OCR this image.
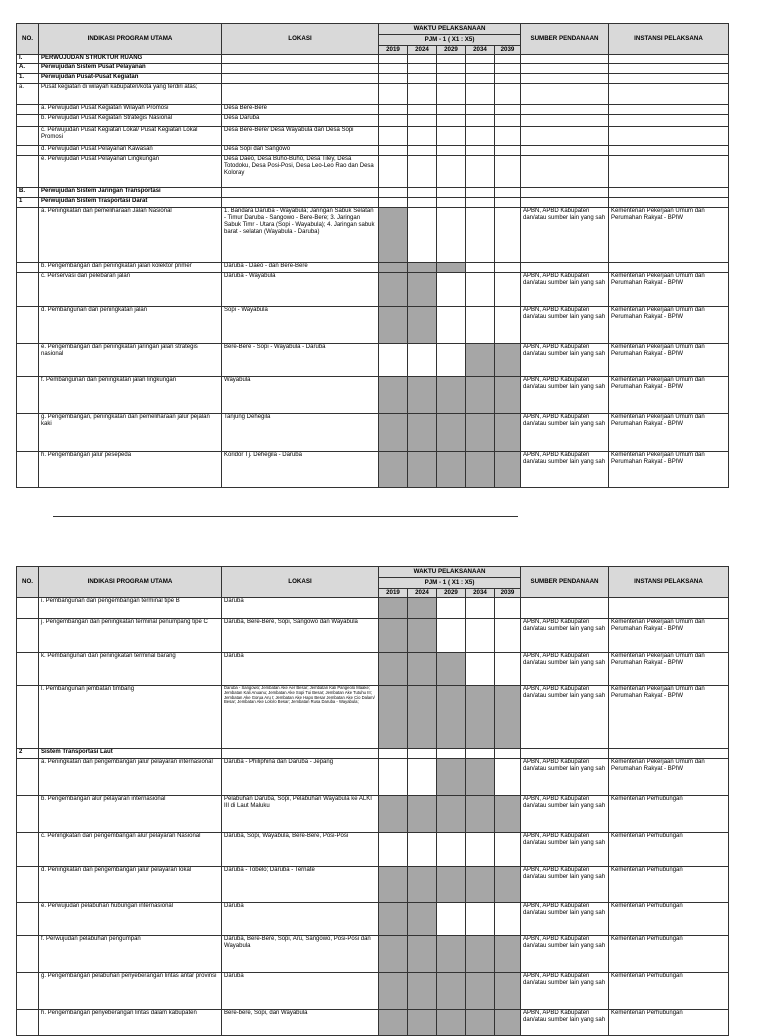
NO.	INDIKASI PROGRAM UTAMA	LOKASI	WAKTU PELAKSANAAN					SUMBER PENDANAAN	INSTANSI PELAKSANA
			PJM - 1 ( X1 : X5)						
			2019	2024	2029	2034	2039		
I.	PERWUJUDAN STRUKTUR RUANG								
A.	Perwujudan Sistem Pusat Pelayanan								
1.	Perwujudan Pusat-Pusat Kegiatan								
a.	Pusat kegiatan di wilayah kabupaten/kota yang terdiri atas;								
	a. Perwujudan Pusat Kegiatan Wilayah Promosi	Desa Bere-Bere							
	b. Perwujudan Pusat Kegiatan Strategis Nasional	Desa Daruba							
	c. Perwujudan Pusat Kegiatan Lokal/ Pusat Kegiatan Lokal Promosi	Desa Bere-Bere/ Desa Wayabula dan Desa Sopi							
	d. Perwujudan Pusat Pelayanan Kawasan	Desa Sopi dan Sangowo							
	e. Perwujudan Pusat Pelayanan Lingkungan	Desa Daeo, Desa Buho-Buho, Desa Tiley, Desa Totodoku, Desa Posi-Posi, Desa Leo-Leo Rao dan Desa Koloray							
B.	Perwujudan Sistem Jaringan Transportasi								
1	Perwujudan Sistem Trasportasi Darat								
	a. Peningkatan dan pemeliharaan Jalan Nasional	1. Bandara Daruba - Wayabula; Jaringan Sabuk Selatan - Timur Daruba - Sangowo - Bere-Bere; 3. Jaringan Sabuk Timr - Utara (Sopi - Wayabula); 4. Jaringan sabuk barat - selatan (Wayabula - Daruba)						APBN, APBD Kabupaten dan/atau sumber lain yang sah	Kementerian Pekerjaan Umum dan Perumahan Rakyat - BPIW
	b. Pengembangan dan peningkatan jalan kolektor primer	Daruba - Daeo - dan Bere-Bere							
	c. Perservasi dan pelebaran jalan	Daruba - Wayabula						APBN, APBD Kabupaten dan/atau sumber lain yang sah	Kementerian Pekerjaan Umum dan Perumahan Rakyat - BPIW
	d. Pembangunan dan peningkatan jalan	Sopi - Wayabula						APBN, APBD Kabupaten dan/atau sumber lain yang sah	Kementerian Pekerjaan Umum dan Perumahan Rakyat - BPIW
	e. Pengembangan dan peningkatan jaringan jalan strategis nasional	Bere-Bere - Sopi - Wayabula - Daruba						APBN, APBD Kabupaten dan/atau sumber lain yang sah	Kementerian Pekerjaan Umum dan Perumahan Rakyat - BPIW
	f. Pembangunan dan peningkatan jalan lingkungan	Wayabula						APBN, APBD Kabupaten dan/atau sumber lain yang sah	Kementerian Pekerjaan Umum dan Perumahan Rakyat - BPIW
	g. Pengembangan, peningkatan dan pemeliharaan jalur pejalan kaki	Tanjung Dehegila						APBN, APBD Kabupaten dan/atau sumber lain yang sah	Kementerian Pekerjaan Umum dan Perumahan Rakyat - BPIW
	h. Pengembangan jalur pesepeda	Koridor Tj. Dehegila - Daruba						APBN, APBD Kabupaten dan/atau sumber lain yang sah	Kementerian Pekerjaan Umum dan Perumahan Rakyat - BPIW
NO.	INDIKASI PROGRAM UTAMA	LOKASI	WAKTU PELAKSANAAN					SUMBER PENDANAAN	INSTANSI PELAKSANA
			PJM - 1 ( X1 : X5)						
			2019	2024	2029	2034	2039		
	i. Pembangunan dan pengembangan terminal tipe B	Daruba							
	j. Pengembangan dan peningkatan terminal penumpang tipe C	Daruba, Bere-Bere, Sopi, Sangowo dan Wayabula						APBN, APBD Kabupaten dan/atau sumber lain yang sah	Kementerian Pekerjaan Umum dan Perumahan Rakyat - BPIW
	k. Pembangunan dan peningkatan terminal barang	Daruba						APBN, APBD Kabupaten dan/atau sumber lain yang sah	Kementerian Pekerjaan Umum dan Perumahan Rakyat - BPIW
	l. Pembangunan jembatan timbang	Daruba - Sangowo; Jembatan Ake Aer Besar; Jembatan Kali Pangeolo Maake; Jembatan Kali Anuanu; Jembatan Ake Sopi Tui Besar; Jembatan Ake Tutuhu III; Jembatan Ake Gorua Aru I; Jembatan Ake Hapo Besar Jembatan Ake Cio Dalam/ Besar; Jembatan Ake Loloro Besar; Jembatan Rusa Daruba - Wayabula;						APBN, APBD Kabupaten dan/atau sumber lain yang sah	Kementerian Pekerjaan Umum dan Perumahan Rakyat - BPIW
2	Sistem Transportasi Laut								
	a. Peningkatan dan pengembangan jalur pelayaran internasional	Daruba - Philiphina dan Daruba - Jepang						APBN, APBD Kabupaten dan/atau sumber lain yang sah	Kementerian Pekerjaan Umum dan Perumahan Rakyat - BPIW
	b. Pengembangan alur pelayaran internasional	Pelabuhan Daruba, Sopi, Pelabuhan Wayabula ke ALKI III di Laut Maluku						APBN, APBD Kabupaten dan/atau sumber lain yang sah	Kementerian Perhubungan
	c. Peningkatan dan pengembangan alur pelayaran Nasional	Daruba, Sopi, Wayabula, Bere-Bere, Posi-Posi						APBN, APBD Kabupaten dan/atau sumber lain yang sah	Kementerian Perhubungan
	d. Peningkatan dan pengembangan jalur pelayaran lokal	Daruba - Tobelo; Daruba - Ternate						APBN, APBD Kabupaten dan/atau sumber lain yang sah	Kementerian Perhubungan
	e. Perwujudan pelabuhan hubungan internasional	Daruba						APBN, APBD Kabupaten dan/atau sumber lain yang sah	Kementerian Perhubungan
	f. Perwujudan pelabuhan pengumpan	Daruba, Bere-Bere, Sopi, Aru, Sangowo, Posi-Posi dan Wayabula						APBN, APBD Kabupaten dan/atau sumber lain yang sah	Kementerian Perhubungan
	g. Pengembangan pelabuhan penyeberangan lintas antar provinsi	Daruba						APBN, APBD Kabupaten dan/atau sumber lain yang sah	Kementerian Perhubungan
	h. Pengembangan penyeberangan lintas dalam kabupaten	Bere-bere, Sopi, dan Wayabula						APBN, APBD Kabupaten dan/atau sumber lain yang sah	Kementerian Perhubungan
